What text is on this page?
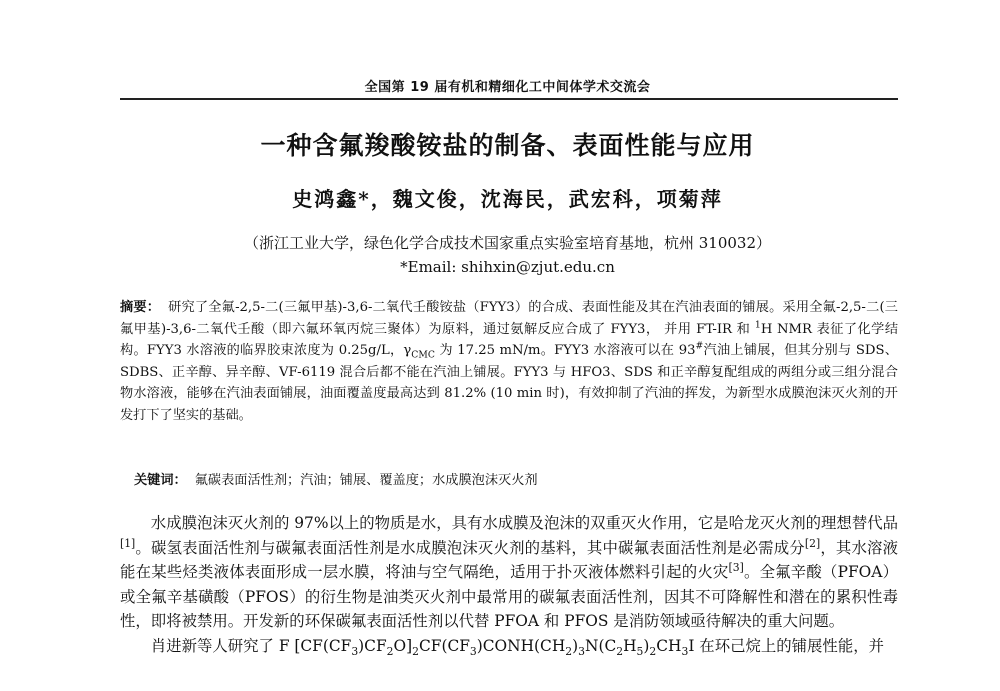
全国第 19 届有机和精细化工中间体学术交流会
一种含氟羧酸铵盐的制备、表面性能与应用
史鸿鑫*，魏文俊，沈海民，武宏科，项菊萍
（浙江工业大学，绿色化学合成技术国家重点实验室培育基地，杭州 310032）
*Email: shihxin@zjut.edu.cn

摘要： 研究了全氟-2,5-二(三氟甲基)-3,6-二氧代壬酸铵盐（FYY3）的合成、表面性能及其在汽油表面的铺展。采用全氟-2,5-二(三氟甲基)-3,6-二氧代壬酸（即六氟环氧丙烷三聚体）为原料，通过氨解反应合成了 FYY3， 并用 FT-IR 和 $^1$H NMR 表征了化学结构。FYY3 水溶液的临界胶束浓度为 0.25g/L，$\gamma_{CMC}$ 为 17.25 mN/m。FYY3 水溶液可以在 93#汽油上铺展，但其分别与 SDS、SDBS、正辛醇、异辛醇、VF-6119 混合后都不能在汽油上铺展。FYY3 与 HFO3、SDS 和正辛醇复配组成的两组分或三组分混合物水溶液，能够在汽油表面铺展，油面覆盖度最高达到 81.2% (10 min 时)，有效抑制了汽油的挥发，为新型水成膜泡沫灭火剂的开发打下了坚实的基础。

关键词： 氟碳表面活性剂；汽油；铺展、覆盖度；水成膜泡沫灭火剂

水成膜泡沫灭火剂的 97%以上的物质是水，具有水成膜及泡沫的双重灭火作用，它是哈龙灭火剂的理想替代品[1]。碳氢表面活性剂与碳氟表面活性剂是水成膜泡沫灭火剂的基料，其中碳氟表面活性剂是必需成分[2]，其水溶液能在某些烃类液体表面形成一层水膜，将油与空气隔绝，适用于扑灭液体燃料引起的火灾[3]。全氟辛酸（PFOA）或全氟辛基磺酸（PFOS）的衍生物是油类灭火剂中最常用的碳氟表面活性剂，因其不可降解性和潜在的累积性毒性，即将被禁用。开发新的环保碳氟表面活性剂以代替 PFOA 和 PFOS 是消防领域亟待解决的重大问题。

肖进新等人研究了 F $[CF(CF_3)CF_2O]_2CF(CF_3)CONH(CH_2)_3N(C_2H_5)_2CH_3I$ 在环己烷上的铺展性能，并
